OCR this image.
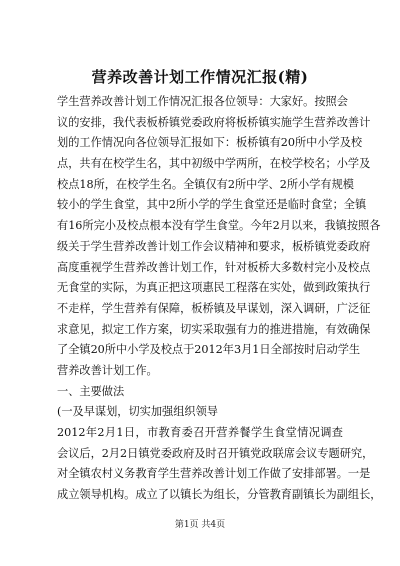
营养改善计划工作情况汇报(精)
学生营养改善计划工作情况汇报各位领导：大家好。按照会
议的安排，我代表板桥镇党委政府将板桥镇实施学生营养改善计
划的工作情况向各位领导汇报如下：板桥镇有20所中小学及校
点，共有在校学生名，其中初级中学两所，在校学校名；小学及
校点18所，在校学生名。全镇仅有2所中学、2所小学有规模
较小的学生食堂，其中2所小学的学生食堂还是临时食堂；全镇
有16所完小及校点根本没有学生食堂。今年2月以来，我镇按照各
级关于学生营养改善计划工作会议精神和要求，板桥镇党委政府
高度重视学生营养改善计划工作，针对板桥大多数村完小及校点
无食堂的实际，为真正把这项惠民工程落在实处，做到政策执行
不走样，学生营养有保障，板桥镇及早谋划，深入调研，广泛征
求意见，拟定工作方案，切实采取强有力的推进措施，有效确保
了全镇20所中小学及校点于2012年3月1日全部按时启动学生
营养改善计划工作。
一、主要做法
(一及早谋划，切实加强组织领导
2012年2月1日，市教育委召开营养餐学生食堂情况调查
会议后，2月2日镇党委政府及时召开镇党政联席会议专题研究，
对全镇农村义务教育学生营养改善计划工作做了安排部署。一是
成立领导机构。成立了以镇长为组长，分管教育副镇长为副组长，
第1页 共4页
